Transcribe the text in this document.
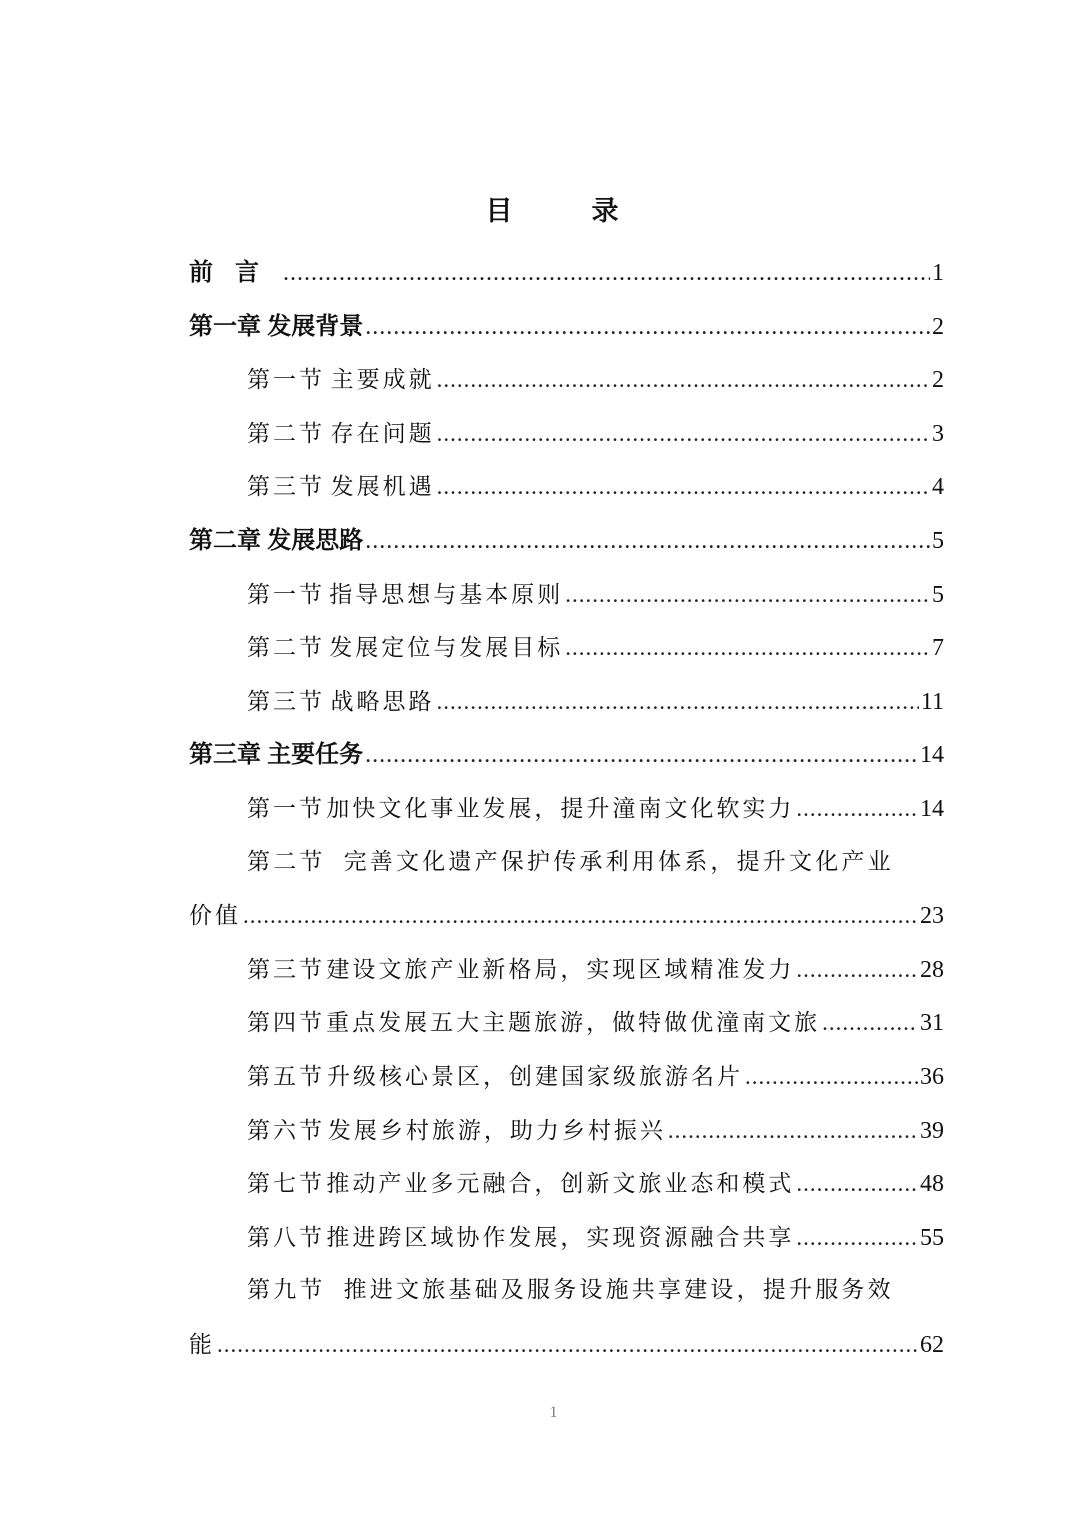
目　录
前言 .....	1
第一章 发展背景 .....	2
第一节 主要成就 .....	2
第二节 存在问题 .....	3
第三节 发展机遇 .....	4
第二章 发展思路 .....	5
第一节 指导思想与基本原则 .....	5
第二节 发展定位与发展目标 .....	7
第三节 战略思路 .....	11
第三章 主要任务 .....	14
第一节 加快文化事业发展，提升潼南文化软实力 .....	14
第二节 完善文化遗产保护传承利用体系，提升文化产业
价值 .....	23
第三节 建设文旅产业新格局，实现区域精准发力 .....	28
第四节 重点发展五大主题旅游，做特做优潼南文旅 .....	31
第五节 升级核心景区，创建国家级旅游名片 .....	36
第六节 发展乡村旅游，助力乡村振兴 .....	39
第七节 推动产业多元融合，创新文旅业态和模式 .....	48
第八节 推进跨区域协作发展，实现资源融合共享 .....	55
第九节 推进文旅基础及服务设施共享建设，提升服务效
能 .....	62
1
